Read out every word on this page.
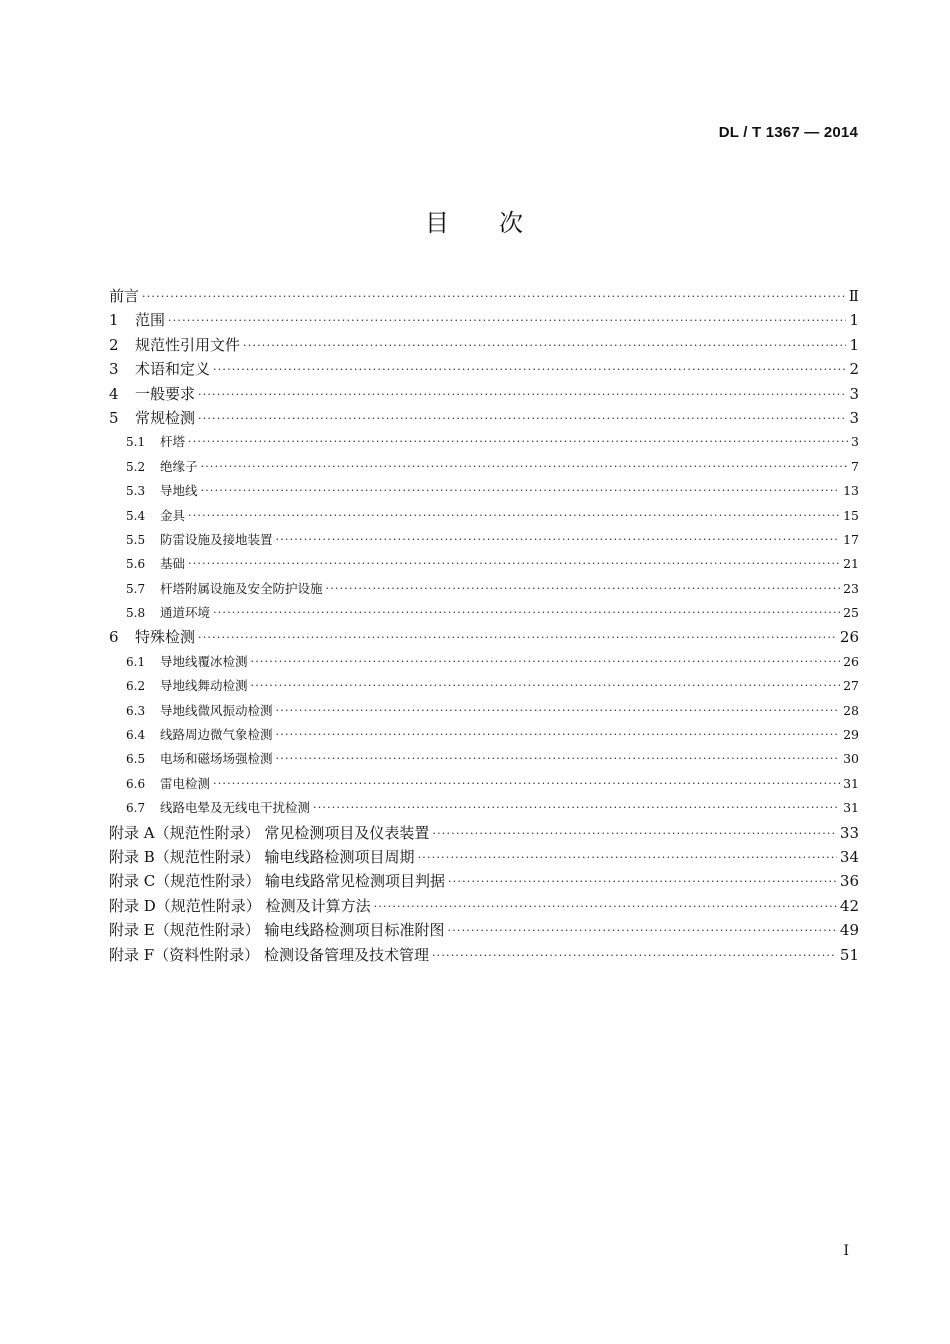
DL / T 1367 — 2014
目 次
前言 ·····	Ⅱ
1	范围 ·····	1
2	规范性引用文件 ·····	1
3	术语和定义 ·····	2
4	一般要求 ·····	3
5	常规检测 ·····	3
5.1	杆塔 ·····	3
5.2	绝缘子 ·····	7
5.3	导地线 ·····	13
5.4	金具 ·····	15
5.5	防雷设施及接地装置 ·····	17
5.6	基础 ·····	21
5.7	杆塔附属设施及安全防护设施 ·····	23
5.8	通道环境 ·····	25
6	特殊检测 ·····	26
6.1	导地线覆冰检测 ·····	26
6.2	导地线舞动检测 ·····	27
6.3	导地线微风振动检测 ·····	28
6.4	线路周边微气象检测 ·····	29
6.5	电场和磁场场强检测 ·····	30
6.6	雷电检测 ·····	31
6.7	线路电晕及无线电干扰检测 ·····	31
附录 A（规范性附录） 常见检测项目及仪表装置 ·····	33
附录 B（规范性附录） 输电线路检测项目周期 ·····	34
附录 C（规范性附录） 输电线路常见检测项目判据 ·····	36
附录 D（规范性附录） 检测及计算方法 ·····	42
附录 E（规范性附录） 输电线路检测项目标准附图 ·····	49
附录 F（资料性附录） 检测设备管理及技术管理 ·····	51
I
